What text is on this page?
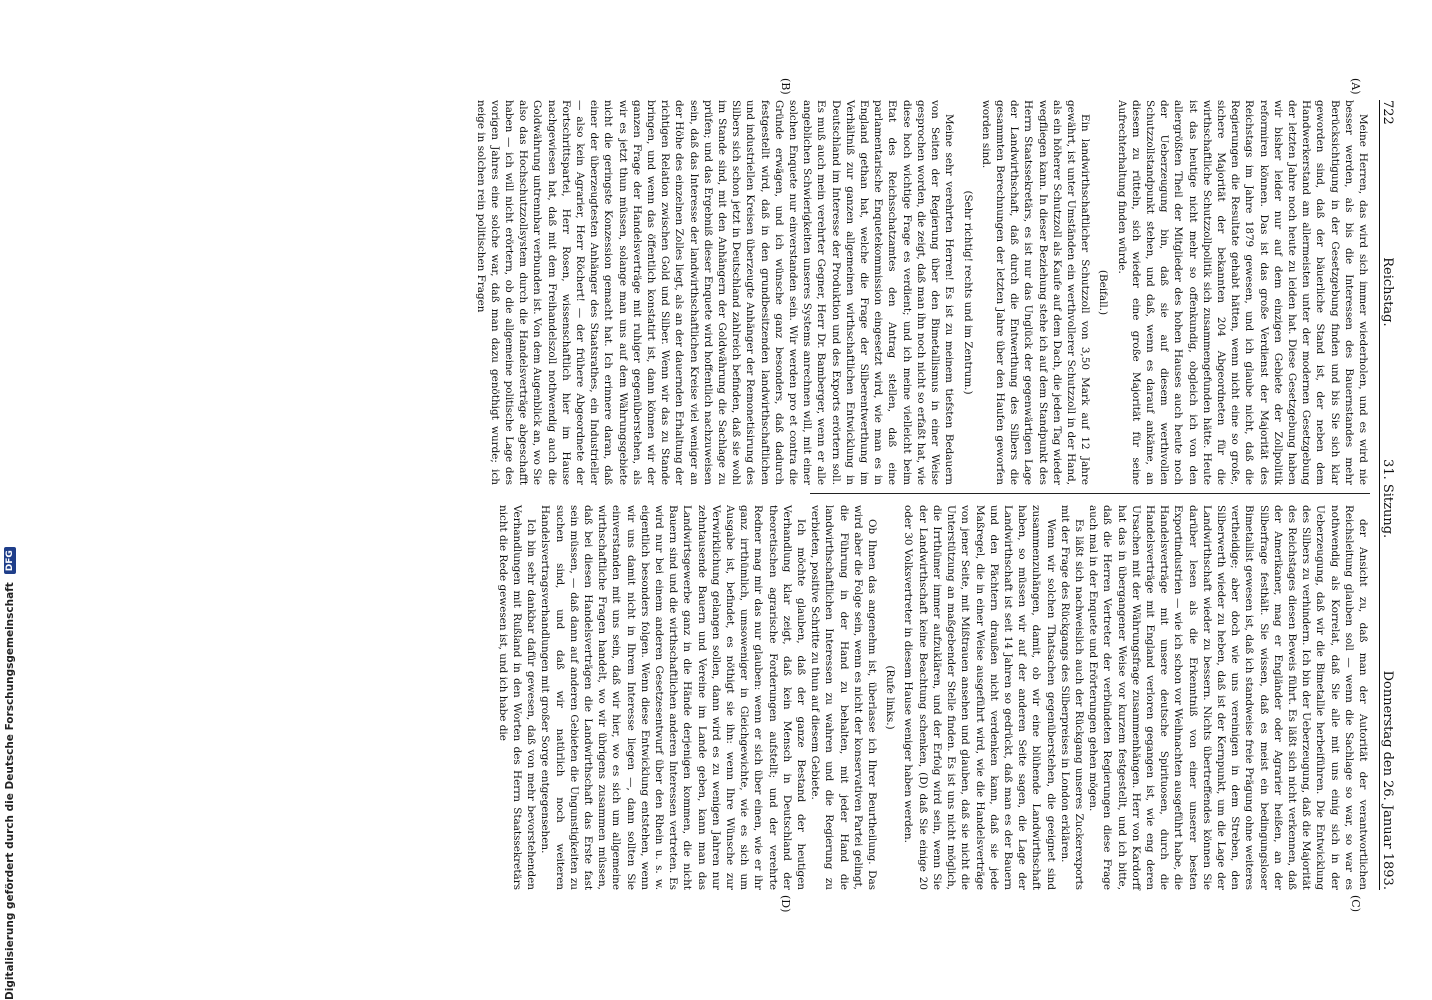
722
Reichstag.
31. Sitzung.
Donnerstag den 26. Januar 1893.
(A)
(B)
(C)
(D)

Meine Herren, das wird sich immer wiederholen, und es wird nie besser werden, als bis die Interessen des Bauernstandes mehr Berücksichtigung in der Gesetzgebung finden und bis Sie sich klar geworden sind, daß der bäuerliche Stand ist, der neben dem Handwerkerstand am allermeisten unter der modernen Gesetzgebung der letzten Jahre noch heute zu leiden hat. Diese Gesetzgebung haben wir bisher leider nur auf dem einzigen Gebiete der Zollpolitik reformiren können. Das ist das große Verdienst der Majorität des Reichstags im Jahre 1879 gewesen, und ich glaube nicht, daß die Regierungen die Resultate gehabt hätten, wenn nicht eine so große, sichere Majorität der bekannten 204 Abgeordneten für die wirthschaftliche Schutzzollpolitik sich zusammengefunden hätte. Heute ist das heutige nicht mehr so offenkundig, obgleich ich von den allergrößten Theil der Mitglieder des hohen Hauses auch heute noch der Ueberzeugung bin, daß sie auf diesem werthvollen Schutzzollstandpunkt stehen, und daß, wenn es darauf ankäme, an diesem zu rütteln, sich wieder eine große Majorität für seine Aufrechterhaltung finden würde.

(Beifall.)

Ein landwirthschaftlicher Schutzzoll von 3,50 Mark auf 12 Jahre gewährt, ist unter Umständen ein werthvollerer Schutzzoll in der Hand, als ein höherer Schutzzoll als Kaufe auf dem Dach, die jeden Tag wieder wegfliegen kann. In dieser Beziehung stehe ich auf dem Standpunkt des Herrn Staatssekretärs, es ist nur das Unglück der gegenwärtigen Lage der Landwirthschaft, daß durch die Entwerthung des Silbers die gesammten Berechnungen der letzten Jahre über den Haufen geworfen worden sind.

(Sehr richtig! rechts und im Zentrum.)

Meine sehr verehrten Herren! Es ist zu meinem tiefsten Bedauern von Seiten der Regierung über den Bimetallismus in einer Weise gesprochen worden, die zeigt, daß man ihn noch nicht so erfaßt hat, wie diese hoch wichtige Frage es verdient; und ich meine vielleicht beim Etat des Reichsschatzamtes den Antrag stellen, daß eine parlamentarische Enquetekommission eingesetzt wird, wie man es in England gethan hat, welche die Frage der Silberentwerthung im Verhältniß zur ganzen allgemeinen wirthschaftlichen Entwicklung in Deutschland im Interesse der Produktion und des Exports erörtern soll. Es muß auch mein verehrter Gegner, Herr Dr. Bamberger, wenn er alle angeblichen Schwierigkeiten unseres Systems anrechnen will, mit einer solchen Enquete nur einverstanden sein. Wir werden pro et contra die Gründe erwägen, und ich wünsche ganz besonders, daß dadurch festgestellt wird, daß in den grundbesitzenden landwirthschaftlichen und industriellen Kreisen überzeugte Anhänger der Remonetisirung des Silbers sich schon jetzt in Deutschland zahlreich befinden, daß sie wohl im Stande sind, mit den Anhängern der Goldwährung die Sachlage zu prüfen; und das Ergebniß dieser Enquete wird hoffentlich nachzuweisen sein, daß das Interesse der landwirthschaftlichen Kreise viel weniger an der Höhe des einzelnen Zolles liegt, als an der dauernden Erhaltung der richtigen Relation zwischen Gold und Silber. Wenn wir das zu Stande bringen, und wenn das öffentlich konstatirt ist, dann können wir der ganzen Frage der Handelsverträge mit ruhiger gegenüberstehen, als wir es jetzt thun müssen, solange man uns auf dem Währungsgebiete nicht die geringste Konzession gemacht hat. Ich erinnere daran, daß einer der überzeugtesten Anhänger des Staatsrathes, ein Industrieller — also kein Agrarier, Herr Röchert! — der frühere Abgeordnete der Fortschrittspartei, Herr Rosen, wissenschaftlich hier im Hause nachgewiesen hat, daß mit dem Freihandelszoll nothwendig auch die Goldwährung untrennbar verbunden ist. Von dem Augenblick an, wo Sie also das Hochschutzzollsystem durch die Handelsverträge abgeschafft haben — ich will nicht erörtern, ob die allgemeine politische Lage des vorigen Jahres eine solche war, daß man dazu genöthigt wurde; ich neige in solchen rein politischen Fragen

der Ansicht zu, daß man der Autorität der verantwortlichen Reichsleitung glauben soll — wenn die Sachlage so war, so war es nothwendig als Korrelat, daß Sie alle mit uns einig sich in der Ueberzeugung, daß wir die Bimetallie herbeiführen. Die Entwicklung des Silbers zu verhindern. Ich bin der Ueberzeugung, daß die Majorität des Reichstages diesen Beweis führt. Es läßt sich nicht verkennen, daß der Amerikaner, mag er Engländer oder Agrarier heißen, an der Silberfrage festhält. Sie wissen, daß es meist ein bedingungsloser Bimetallist gewesen ist, daß ich standweise freie Prägung ohne weiteres vertheidige; aber doch wie uns vereinigen in dem Streben, den Silberwerth wieder zu heben, daß ist der Kernpunkt, um die Lage der Landwirthschaft wieder zu bessern. Nichts übertreffendes können Sie darüber lesen als die Erkenntniß von einer unserer besten Exportindustrien — wie ich schon vor Weihnachten ausgeführt habe, die Handelsverträge mit unsere deutsche Spirituosen, durch die Handelsverträge mit England verloren gegangen ist, wie eng deren Ursachen mit der Währungsfrage zusammenhängen. Herr von Kardorff hat das in übergangener Weise vor kurzem festgestellt, und ich bitte, daß die Herren Vertreter der verbündeten Regierungen diese Frage auch mal in der Enquete und Erörterungen gehen mögen.

Es läßt sich nachweislich auch der Rückgang unseres Zuckerexports mit der Frage des Rückgangs des Silberpreises in London erklären.

Wenn wir solchen Thatsachen gegenüberstehen, die geeignet sind zusammenzuhängen, damit, ob wir eine blühende Landwirthschaft haben, so müssen wir auf der anderen Seite sagen, die Lage der Landwirthschaft ist seit 14 Jahren so gedrückt, daß man es der Bauern und den Pächtern draußen nicht verdenken kann, daß sie jede Maßregel, die in einer Weise ausgeführt wird, wie die Handelsverträge von jener Seite, mit Mißtrauen ansehen und glauben, daß sie nicht die Unterstützung an maßgebender Stelle finden. Es ist uns nicht möglich, die Irrthümer immer aufzuklären, und der Erfolg wird sein, wenn Sie der Landwirthschaft keine Beachtung schenken, (D) daß Sie einige 20 oder 30 Volksvertreter in diesem Hause weniger haben werden.

(Rufe links.)

Ob Ihnen das angenehm ist, überlasse ich Ihrer Beurtheilung. Das wird aber die Folge sein, wenn es nicht der konservativen Partei gelingt, die Führung in der Hand zu behalten, mit jeder Hand die landwirthschaftlichen Interessen zu wahren und die Regierung zu verbieten, positive Schritte zu thun auf diesem Gebiete.

Ich möchte glauben, daß der ganze Bestand der heutigen Verhandlung klar zeigt, daß kein Mensch in Deutschland der theoretischen agrarische Forderungen aufstellt; und der verehrte Redner mag mir das nur glauben: wenn er sich über einen, wie er ihr ganz irrthümlich, umsoweniger in Gleichgewichte, wie es sich um Ausgabe ist, befindet, es nöthigt sie ihn: wenn Ihre Wünsche zur Verwirklichung gelangen sollen, dann wird es zu wenigen Jahren nur zehntausende Bauern und Vereine im Lande geben, kann man das Landwirtsgewerbe ganz in die Hände derjenigen kommen, die nicht Bauern sind und die wirthschaftlichen anderen Interessen vertreten. Es wird nur bei einem anderen Gesetzesentwurf über den Rhein u. s. w. eigentlich besonders folgen. Wenn diese Entwicklung entstehen, wenn wir uns damit nicht in Ihrem Interesse liegen —, dann sollten Sie einverstanden mit uns sein, daß wir hier, wo es sich um allgemeine wirthschaftliche Fragen handelt, wo wir übrigens zusammen müssen, daß bei diesen Handelsverträgen die Landwirthschaft das Erste fast sein müssen, — daß dann auf anderen Gebieten die Ungunstigkeiten zu suchen sind, und daß wir natürlich noch weiteren Handelsvertragsverhandlungen mit großer Sorge entgegensehen.

Ich bin sehr dankbar dafür gewesen, daß von mehr bevorstehenden Verhandlungen mit Rußland in den Worten des Herrn Staatssekretärs nicht die Rede gewesen ist, und ich habe die

Digitalisierung gefördert durch die Deutsche Forschungsgemeinschaft
DFG
